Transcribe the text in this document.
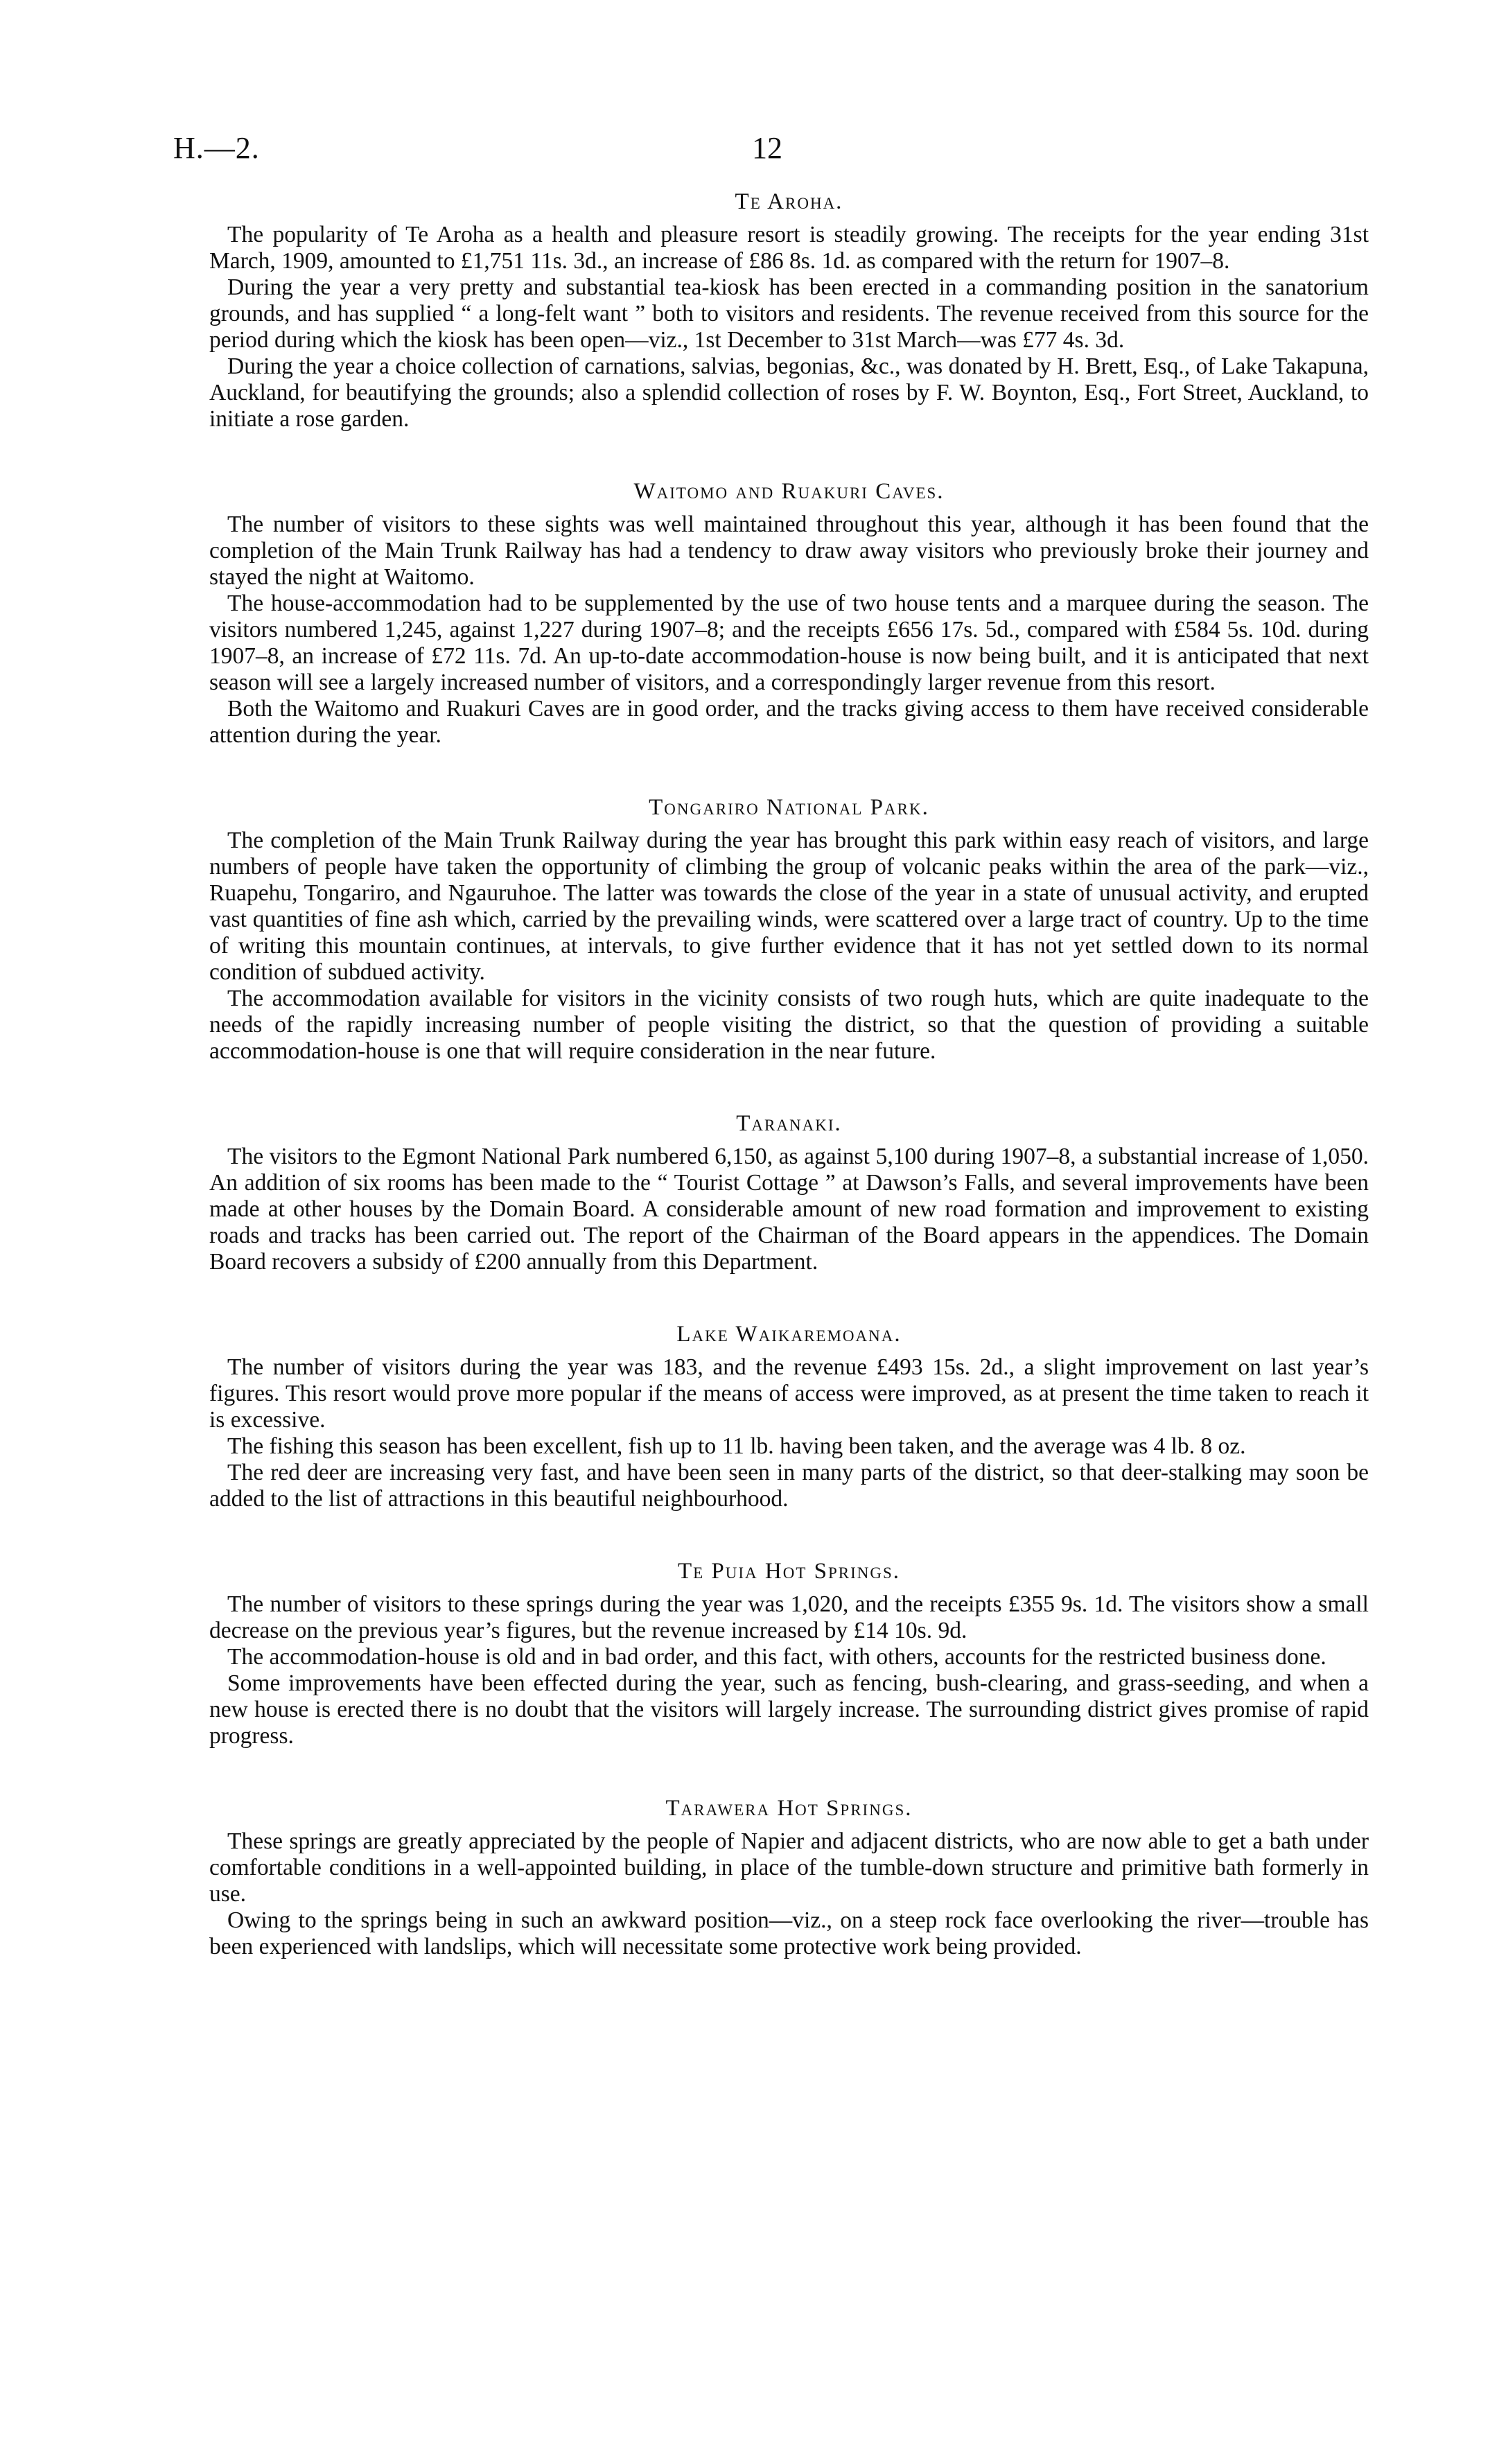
H.—2.	12
Te Aroha.

The popularity of Te Aroha as a health and pleasure resort is steadily growing. The receipts for the year ending 31st March, 1909, amounted to £1,751 11s. 3d., an increase of £86 8s. 1d. as compared with the return for 1907–8.

During the year a very pretty and substantial tea-kiosk has been erected in a commanding position in the sanatorium grounds, and has supplied “ a long-felt want ” both to visitors and residents. The revenue received from this source for the period during which the kiosk has been open—viz., 1st December to 31st March—was £77 4s. 3d.

During the year a choice collection of carnations, salvias, begonias, &c., was donated by H. Brett, Esq., of Lake Takapuna, Auckland, for beautifying the grounds; also a splendid collection of roses by F. W. Boynton, Esq., Fort Street, Auckland, to initiate a rose garden.

Waitomo and Ruakuri Caves.

The number of visitors to these sights was well maintained throughout this year, although it has been found that the completion of the Main Trunk Railway has had a tendency to draw away visitors who previously broke their journey and stayed the night at Waitomo.

The house-accommodation had to be supplemented by the use of two house tents and a marquee during the season. The visitors numbered 1,245, against 1,227 during 1907–8; and the receipts £656 17s. 5d., compared with £584 5s. 10d. during 1907–8, an increase of £72 11s. 7d. An up-to-date accommodation-house is now being built, and it is anticipated that next season will see a largely increased number of visitors, and a correspondingly larger revenue from this resort.

Both the Waitomo and Ruakuri Caves are in good order, and the tracks giving access to them have received considerable attention during the year.

Tongariro National Park.

The completion of the Main Trunk Railway during the year has brought this park within easy reach of visitors, and large numbers of people have taken the opportunity of climbing the group of volcanic peaks within the area of the park—viz., Ruapehu, Tongariro, and Ngauruhoe. The latter was towards the close of the year in a state of unusual activity, and erupted vast quantities of fine ash which, carried by the prevailing winds, were scattered over a large tract of country. Up to the time of writing this mountain continues, at intervals, to give further evidence that it has not yet settled down to its normal condition of subdued activity.

The accommodation available for visitors in the vicinity consists of two rough huts, which are quite inadequate to the needs of the rapidly increasing number of people visiting the district, so that the question of providing a suitable accommodation-house is one that will require consideration in the near future.

Taranaki.

The visitors to the Egmont National Park numbered 6,150, as against 5,100 during 1907–8, a substantial increase of 1,050. An addition of six rooms has been made to the “ Tourist Cottage ” at Dawson’s Falls, and several improvements have been made at other houses by the Domain Board. A considerable amount of new road formation and improvement to existing roads and tracks has been carried out. The report of the Chairman of the Board appears in the appendices. The Domain Board recovers a subsidy of £200 annually from this Department.

Lake Waikaremoana.

The number of visitors during the year was 183, and the revenue £493 15s. 2d., a slight improvement on last year’s figures. This resort would prove more popular if the means of access were improved, as at present the time taken to reach it is excessive.

The fishing this season has been excellent, fish up to 11 lb. having been taken, and the average was 4 lb. 8 oz.

The red deer are increasing very fast, and have been seen in many parts of the district, so that deer-stalking may soon be added to the list of attractions in this beautiful neighbourhood.

Te Puia Hot Springs.

The number of visitors to these springs during the year was 1,020, and the receipts £355 9s. 1d. The visitors show a small decrease on the previous year’s figures, but the revenue increased by £14 10s. 9d.

The accommodation-house is old and in bad order, and this fact, with others, accounts for the restricted business done.

Some improvements have been effected during the year, such as fencing, bush-clearing, and grass-seeding, and when a new house is erected there is no doubt that the visitors will largely increase. The surrounding district gives promise of rapid progress.

Tarawera Hot Springs.

These springs are greatly appreciated by the people of Napier and adjacent districts, who are now able to get a bath under comfortable conditions in a well-appointed building, in place of the tumble-down structure and primitive bath formerly in use.

Owing to the springs being in such an awkward position—viz., on a steep rock face overlooking the river—trouble has been experienced with landslips, which will necessitate some protective work being provided.
